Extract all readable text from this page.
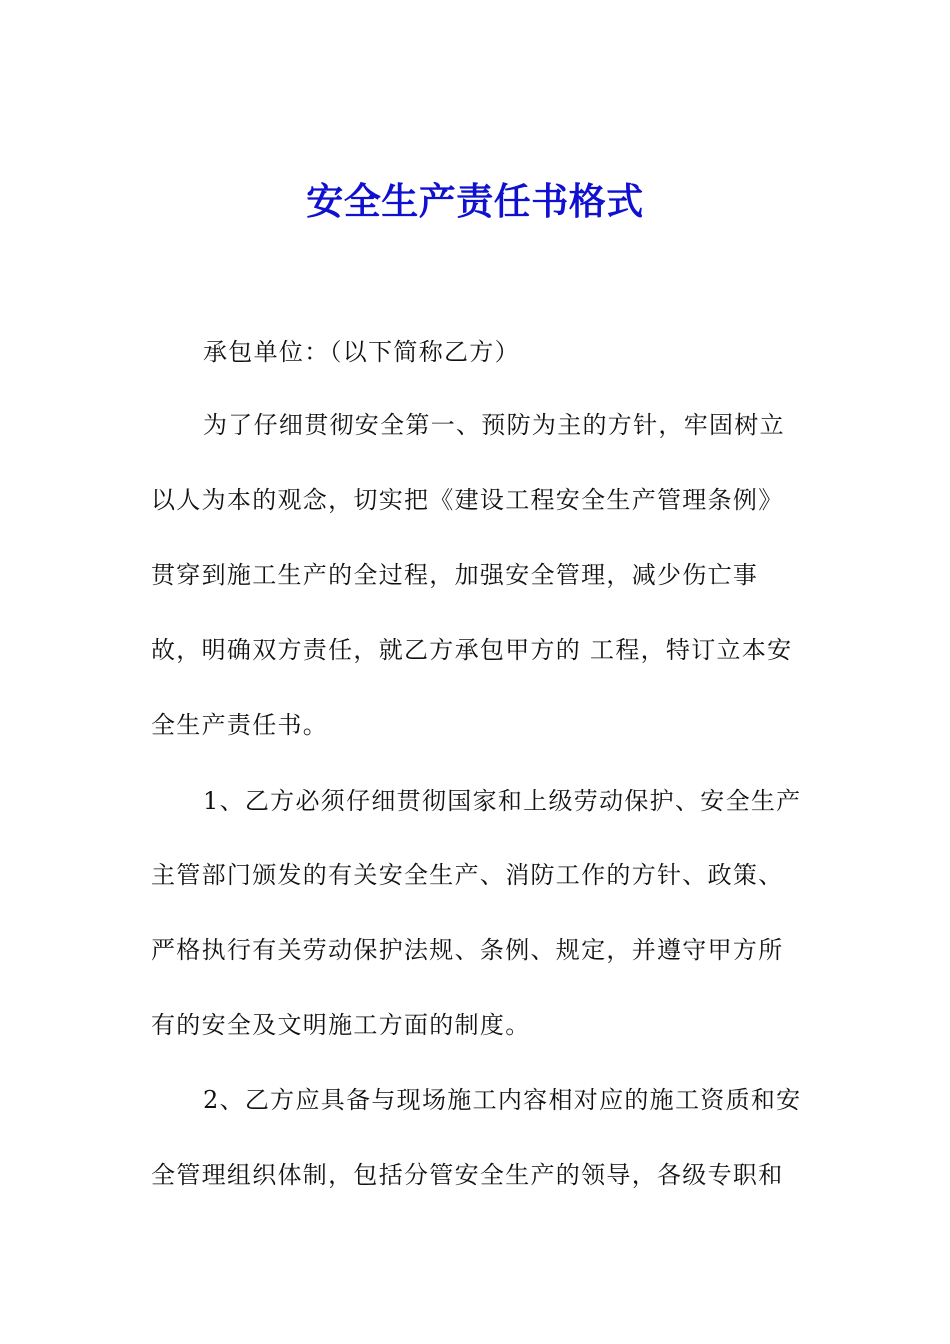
安全生产责任书格式
承包单位：（以下简称乙方）
为了仔细贯彻安全第一、预防为主的方针，牢固树立
以人为本的观念，切实把《建设工程安全生产管理条例》
贯穿到施工生产的全过程，加强安全管理，减少伤亡事
故，明确双方责任，就乙方承包甲方的 工程，特订立本安
全生产责任书。
1、乙方必须仔细贯彻国家和上级劳动保护、安全生产
主管部门颁发的有关安全生产、消防工作的方针、政策、
严格执行有关劳动保护法规、条例、规定，并遵守甲方所
有的安全及文明施工方面的制度。
2、乙方应具备与现场施工内容相对应的施工资质和安
全管理组织体制，包括分管安全生产的领导，各级专职和
